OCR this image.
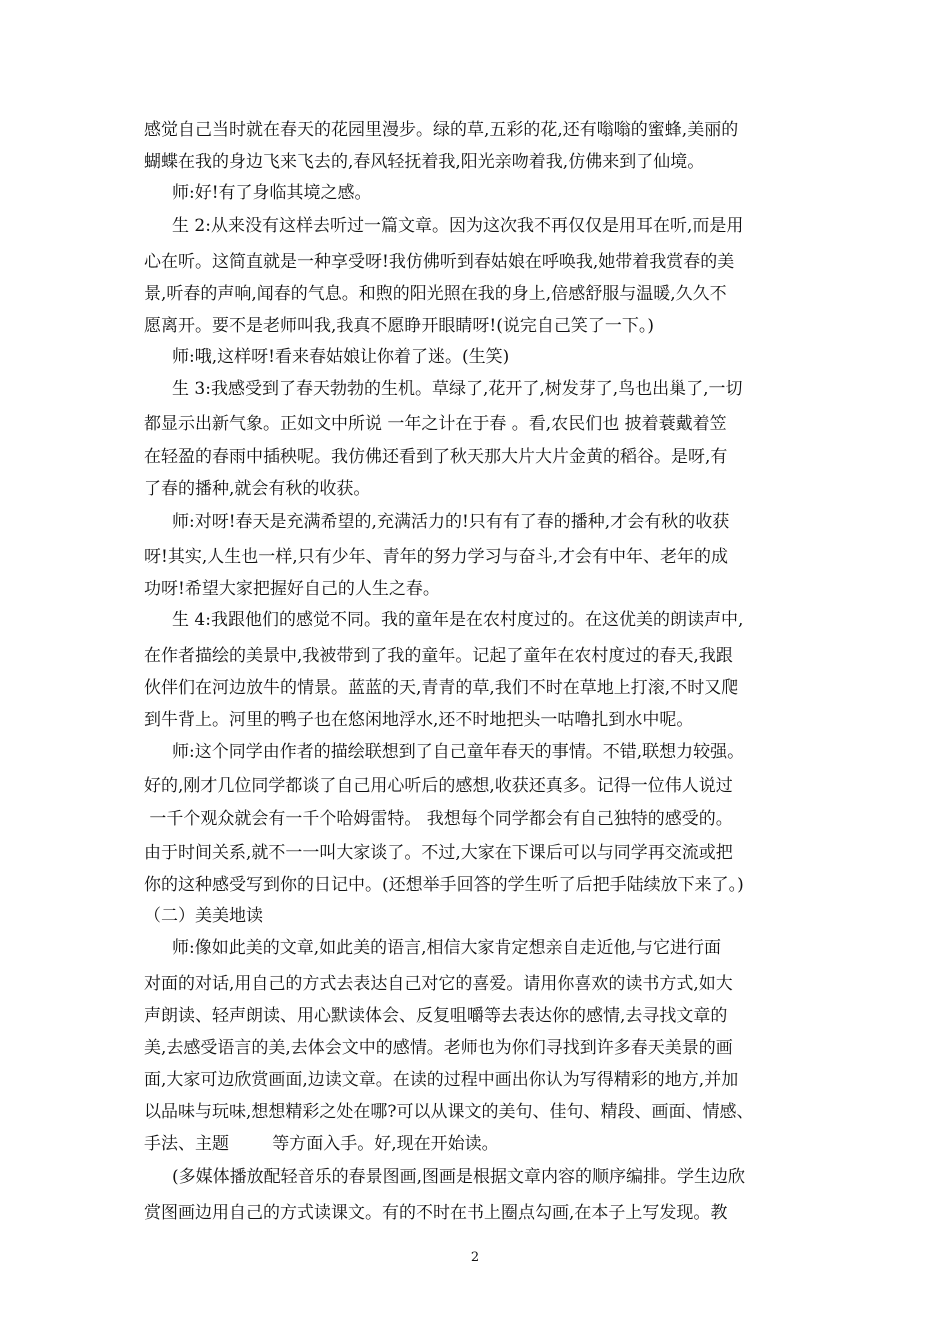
感觉自己当时就在春天的花园里漫步。绿的草,五彩的花,还有嗡嗡的蜜蜂,美丽的
蝴蝶在我的身边飞来飞去的,春风轻抚着我,阳光亲吻着我,仿佛来到了仙境。
师:好!有了身临其境之感。
生 2:从来没有这样去听过一篇文章。因为这次我不再仅仅是用耳在听,而是用
心在听。这简直就是一种享受呀!我仿佛听到春姑娘在呼唤我,她带着我赏春的美
景,听春的声响,闻春的气息。和煦的阳光照在我的身上,倍感舒服与温暖,久久不
愿离开。要不是老师叫我,我真不愿睁开眼睛呀!(说完自己笑了一下。)
师:哦,这样呀!看来春姑娘让你着了迷。(生笑)
生 3:我感受到了春天勃勃的生机。草绿了,花开了,树发芽了,鸟也出巢了,一切
都显示出新气象。正如文中所说 一年之计在于春 。看,农民们也 披着蓑戴着笠
在轻盈的春雨中插秧呢。我仿佛还看到了秋天那大片大片金黄的稻谷。是呀,有
了春的播种,就会有秋的收获。
师:对呀!春天是充满希望的,充满活力的!只有有了春的播种,才会有秋的收获
呀!其实,人生也一样,只有少年、青年的努力学习与奋斗,才会有中年、老年的成
功呀!希望大家把握好自己的人生之春。
生 4:我跟他们的感觉不同。我的童年是在农村度过的。在这优美的朗读声中,
在作者描绘的美景中,我被带到了我的童年。记起了童年在农村度过的春天,我跟
伙伴们在河边放牛的情景。蓝蓝的天,青青的草,我们不时在草地上打滚,不时又爬
到牛背上。河里的鸭子也在悠闲地浮水,还不时地把头一咕噜扎到水中呢。
师:这个同学由作者的描绘联想到了自己童年春天的事情。不错,联想力较强。
好的,刚才几位同学都谈了自己用心听后的感想,收获还真多。记得一位伟人说过
一千个观众就会有一千个哈姆雷特。 我想每个同学都会有自己独特的感受的。
由于时间关系,就不一一叫大家谈了。不过,大家在下课后可以与同学再交流或把
你的这种感受写到你的日记中。(还想举手回答的学生听了后把手陆续放下来了。)
（二）美美地读
师:像如此美的文章,如此美的语言,相信大家肯定想亲自走近他,与它进行面
对面的对话,用自己的方式去表达自己对它的喜爱。请用你喜欢的读书方式,如大
声朗读、轻声朗读、用心默读体会、反复咀嚼等去表达你的感情,去寻找文章的
美,去感受语言的美,去体会文中的感情。老师也为你们寻找到许多春天美景的画
面,大家可边欣赏画面,边读文章。在读的过程中画出你认为写得精彩的地方,并加
以品味与玩味,想想精彩之处在哪?可以从课文的美句、佳句、精段、画面、情感、
手法、主题        等方面入手。好,现在开始读。
(多媒体播放配轻音乐的春景图画,图画是根据文章内容的顺序编排。学生边欣
赏图画边用自己的方式读课文。有的不时在书上圈点勾画,在本子上写发现。教
2
